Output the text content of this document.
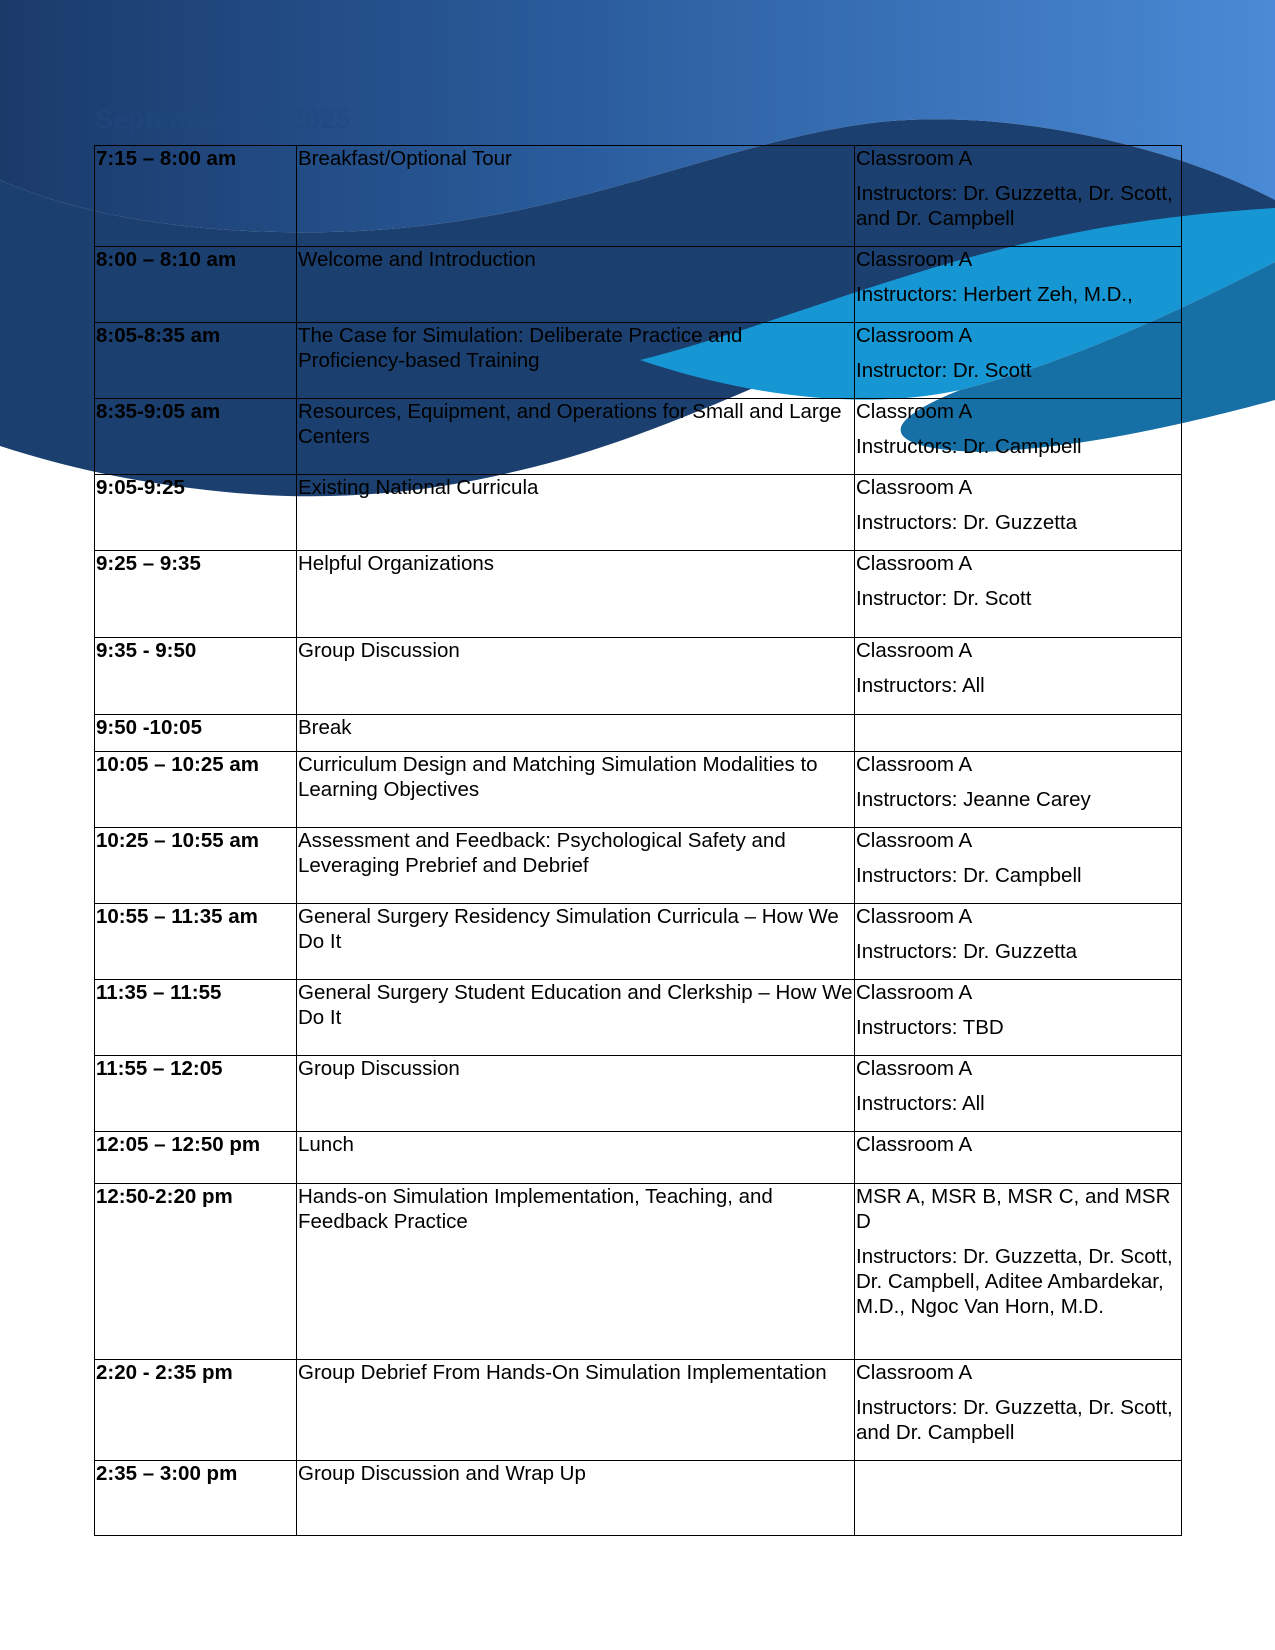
September 19, 2025
7:15 – 8:00 am	Breakfast/Optional Tour	Classroom A
Instructors: Dr. Guzzetta, Dr. Scott, and Dr. Campbell

8:00 – 8:10 am	Welcome and Introduction	Classroom A
Instructors: Herbert Zeh, M.D.,

8:05-8:35 am	The Case for Simulation: Deliberate Practice and Proficiency-based Training	Classroom A
Instructor: Dr. Scott

8:35-9:05 am	Resources, Equipment, and Operations for Small and Large Centers	Classroom A
Instructors: Dr. Campbell

9:05-9:25	Existing National Curricula	Classroom A
Instructors: Dr. Guzzetta

9:25 – 9:35	Helpful Organizations	Classroom A
Instructor: Dr. Scott

9:35 - 9:50	Group Discussion	Classroom A
Instructors: All

9:50 -10:05	Break	

10:05 – 10:25 am	Curriculum Design and Matching Simulation Modalities to Learning Objectives	Classroom A
Instructors: Jeanne Carey

10:25 – 10:55 am	Assessment and Feedback: Psychological Safety and Leveraging Prebrief and Debrief	Classroom A
Instructors: Dr. Campbell

10:55 – 11:35 am	General Surgery Residency Simulation Curricula – How We Do It	Classroom A
Instructors: Dr. Guzzetta

11:35 – 11:55	General Surgery Student Education and Clerkship – How We Do It	Classroom A
Instructors: TBD

11:55 – 12:05	Group Discussion	Classroom A
Instructors: All

12:05 – 12:50 pm	Lunch	Classroom A

12:50-2:20 pm	Hands-on Simulation Implementation, Teaching, and Feedback Practice	MSR A, MSR B, MSR C, and MSR D
Instructors: Dr. Guzzetta, Dr. Scott, Dr. Campbell, Aditee Ambardekar, M.D., Ngoc Van Horn, M.D.

2:20 - 2:35 pm	Group Debrief From Hands-On Simulation Implementation	Classroom A
Instructors: Dr. Guzzetta, Dr. Scott, and Dr. Campbell

2:35 – 3:00 pm	Group Discussion and Wrap Up	
